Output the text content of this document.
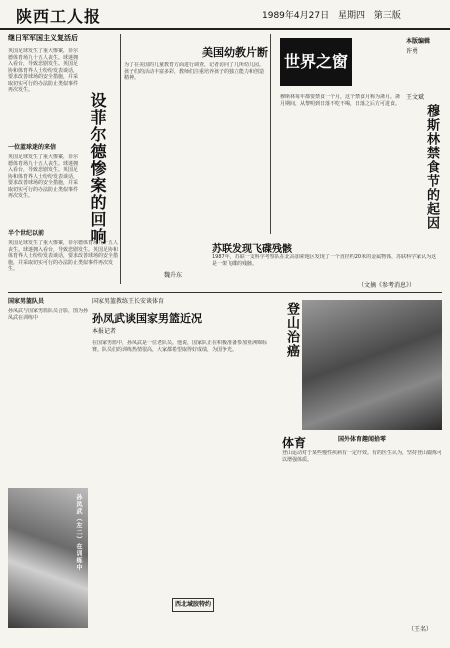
陕西工人报	1989年4月27日 星期四 第三版
继日军军国主义复活后
设菲尔德惨案的回响
英国足球发生了重大惨案，菲尔德体育场九十五人丧生。球迷拥入看台，导致悲剧发生。英国足协和体育界人士纷纷发表谈话，要求改善球场的安全措施，并采取切实可行的办法防止类似事件再次发生。
一位蓝球迷的来信
英国足球发生了重大惨案，菲尔德体育场九十五人丧生。球迷拥入看台，导致悲剧发生。英国足协和体育界人士纷纷发表谈话，要求改善球场的安全措施，并采取切实可行的办法防止类似事件再次发生。
半个世纪以前
英国足球发生了重大惨案，菲尔德体育场九十五人丧生。球迷拥入看台，导致悲剧发生。英国足协和体育界人士纷纷发表谈话，要求改善球场的安全措施，并采取切实可行的办法防止类似事件再次发生。
美国幼教片断
为了在美国的儿童教育方面进行调查，记者访问了几所幼儿园。孩子们的活动丰富多彩，教师们注重培养孩子的独立能力和创造精神。
魏升东
世界之窗
本版编辑
许勇
穆斯林禁食节的起因
王文斌
穆斯林每年都要禁食一个月，这个禁食月称为斋月。斋月期间，从黎明到日落不吃不喝，日落之后方可进食。
苏联发现飞碟残骸
1987年，苏联一支科学考察队在北高加索地区发现了一个直径约20米的金属物体，苏联科学家认为这是一架飞碟的残骸。
（文摘《参考消息》）
国家男篮队员
孙凤武与国家男篮队员合影，图为孙凤武在训练中
孙凤武（左二）在训练中
国家男篮教练王长安谈体育
孙凤武谈国家男篮近况
本报记者
在国家男篮中，孙凤武是一位老队员。他说，国家队正在积极准备参加亚洲锦标赛。队员们的训练热情很高，大家都希望取得好成绩，为国争光。
西北域胶特约
登山治癌
体育	国外体育趣闻拾零
登山运动对于某些慢性疾病有一定疗效。有的医生认为，坚持登山锻炼可以增强体质。
（王名）
